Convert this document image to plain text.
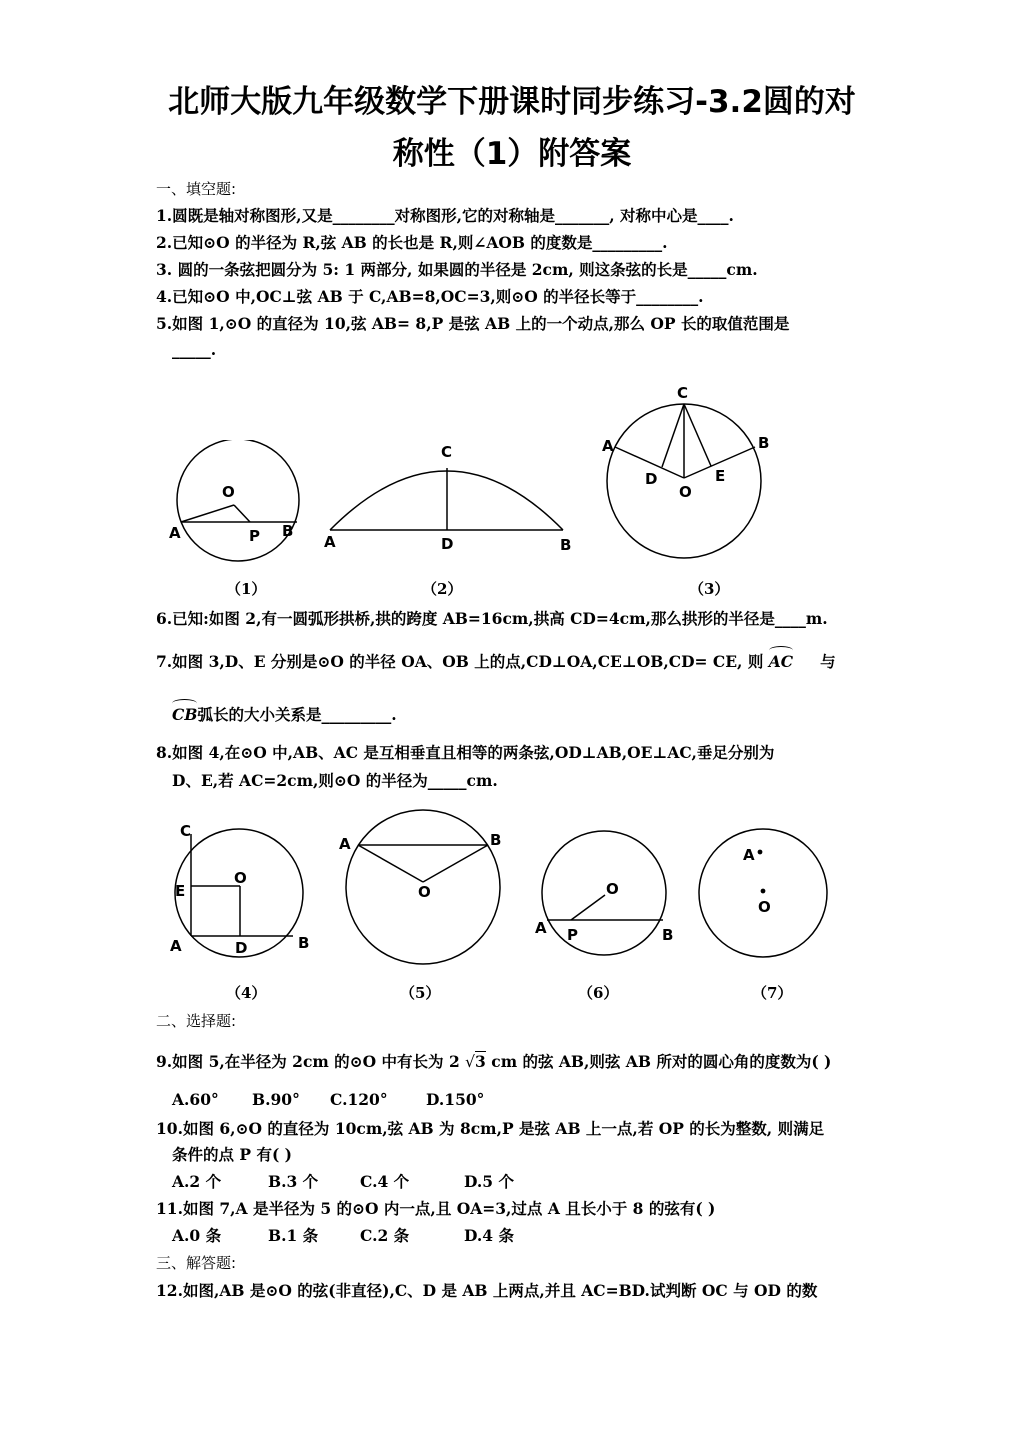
北师大版九年级数学下册课时同步练习-3.2圆的对
称性（1）附答案
一、填空题:
1.圆既是轴对称图形,又是________对称图形,它的对称轴是_______, 对称中心是____.
2.已知⊙O 的半径为 R,弦 AB 的长也是 R,则∠AOB 的度数是_________.
3. 圆的一条弦把圆分为 5: 1 两部分, 如果圆的半径是 2cm, 则这条弦的长是_____cm.
4.已知⊙O 中,OC⊥弦 AB 于 C,AB=8,OC=3,则⊙O 的半径长等于________.
5.如图 1,⊙O 的直径为 10,弦 AB= 8,P 是弦 AB 上的一个动点,那么 OP 长的取值范围是
_____.
O
A	P B
C
A	D	B
C
A	B
D	E
O
（1）	（2）	（3）
6.已知:如图 2,有一圆弧形拱桥,拱的跨度 AB=16cm,拱高 CD=4cm,那么拱形的半径是____m.
7.如图 3,D、E 分别是⊙O 的半径 OA、OB 上的点,CD⊥OA,CE⊥OB,CD= CE, 则 AC 与
CB弧长的大小关系是_________.
8.如图 4,在⊙O 中,AB、AC 是互相垂直且相等的两条弦,OD⊥AB,OE⊥AC,垂足分别为
D、E,若 AC=2cm,则⊙O 的半径为_____cm.
C
E
O
A	D	B
A	B
O	O
A P	B
A
O
（4）	（5）	（6）	（7）
二、选择题:
9.如图 5,在半径为 2cm 的⊙O 中有长为 2 √3 cm 的弦 AB,则弦 AB 所对的圆心角的度数为( )
A.60° B.90° C.120° D.150°
10.如图 6,⊙O 的直径为 10cm,弦 AB 为 8cm,P 是弦 AB 上一点,若 OP 的长为整数, 则满足
条件的点 P 有( )
A.2 个	B.3 个	C.4 个	D.5 个
11.如图 7,A 是半径为 5 的⊙O 内一点,且 OA=3,过点 A 且长小于 8 的弦有( )
A.0 条	B.1 条	C.2 条	D.4 条
三、解答题:
12.如图,AB 是⊙O 的弦(非直径),C、D 是 AB 上两点,并且 AC=BD.试判断 OC 与 OD 的数
